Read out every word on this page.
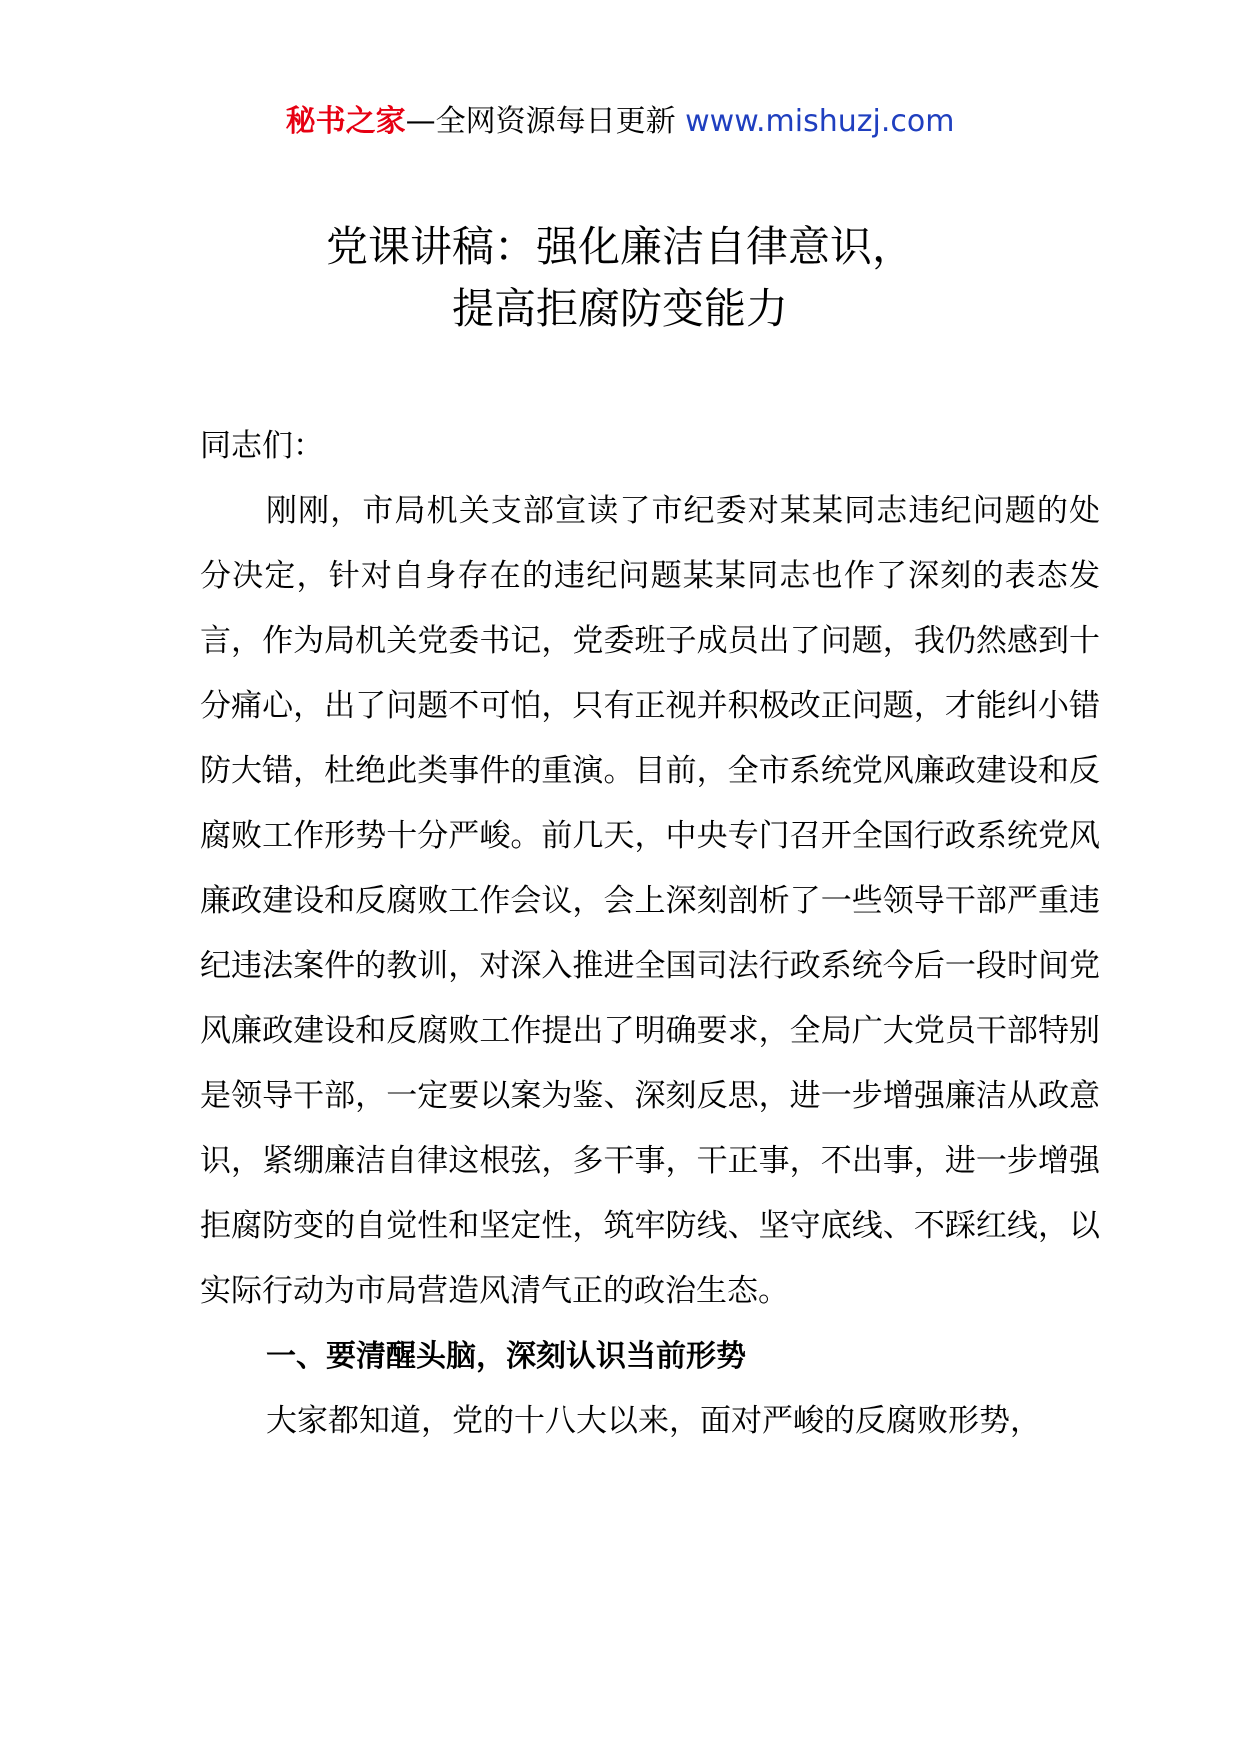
秘书之家—全网资源每日更新 www.mishuzj.com
党课讲稿：强化廉洁自律意识，
提高拒腐防变能力

同志们：

刚刚，市局机关支部宣读了市纪委对某某同志违纪问题的处分决定，针对自身存在的违纪问题某某同志也作了深刻的表态发言，作为局机关党委书记，党委班子成员出了问题，我仍然感到十分痛心，出了问题不可怕，只有正视并积极改正问题，才能纠小错防大错，杜绝此类事件的重演。目前，全市系统党风廉政建设和反腐败工作形势十分严峻。前几天，中央专门召开全国行政系统党风廉政建设和反腐败工作会议，会上深刻剖析了一些领导干部严重违纪违法案件的教训，对深入推进全国司法行政系统今后一段时间党风廉政建设和反腐败工作提出了明确要求，全局广大党员干部特别是领导干部，一定要以案为鉴、深刻反思，进一步增强廉洁从政意识，紧绷廉洁自律这根弦，多干事，干正事，不出事，进一步增强拒腐防变的自觉性和坚定性，筑牢防线、坚守底线、不踩红线，以实际行动为市局营造风清气正的政治生态。

一、要清醒头脑，深刻认识当前形势

大家都知道，党的十八大以来，面对严峻的反腐败形势，
